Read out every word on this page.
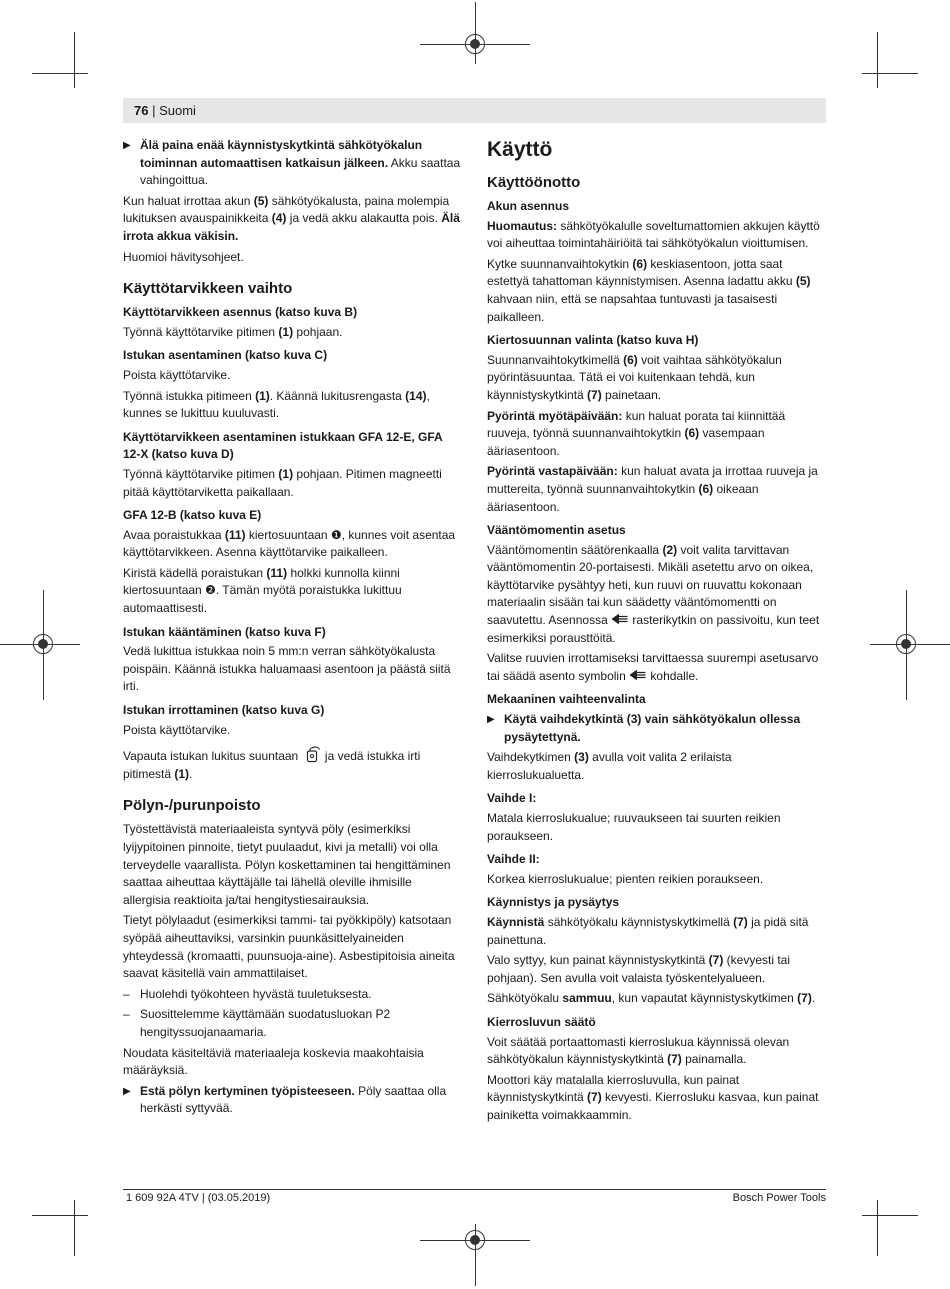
76 | Suomi

▶ Älä paina enää käynnistyskytkintä sähkötyökalun toiminnan automaattisen katkaisun jälkeen. Akku saattaa vahingoittua.

Kun haluat irrottaa akun (5) sähkötyökalusta, paina molempia lukituksen avauspainikkeita (4) ja vedä akku alakautta pois. Älä irrota akkua väkisin.

Huomioi hävitysohjeet.

Käyttötarvikkeen vaihto
Käyttötarvikkeen asennus (katso kuva B)

Työnnä käyttötarvike pitimen (1) pohjaan.

Istukan asentaminen (katso kuva C)

Poista käyttötarvike.

Työnnä istukka pitimeen (1). Käännä lukitusrengasta (14), kunnes se lukittuu kuuluvasti.

Käyttötarvikkeen asentaminen istukkaan GFA 12-E, GFA 12-X (katso kuva D)

Työnnä käyttötarvike pitimen (1) pohjaan. Pitimen magneetti pitää käyttötarviketta paikallaan.

GFA 12-B (katso kuva E)

Avaa poraistukkaa (11) kiertosuuntaan ❶, kunnes voit asentaa käyttötarvikkeen. Asenna käyttötarvike paikalleen.

Kiristä kädellä poraistukan (11) holkki kunnolla kiinni kiertosuuntaan ❷. Tämän myötä poraistukka lukittuu automaattisesti.

Istukan kääntäminen (katso kuva F)

Vedä lukittua istukkaa noin 5 mm:n verran sähkötyökalusta poispäin. Käännä istukka haluamaasi asentoon ja päästä siitä irti.

Istukan irrottaminen (katso kuva G)

Poista käyttötarvike.

Vapauta istukan lukitus suuntaan  ja vedä istukka irti pitimestä (1).

Pölyn-/purunpoisto

Työstettävistä materiaaleista syntyvä pöly (esimerkiksi lyijypitoinen pinnoite, tietyt puulaadut, kivi ja metalli) voi olla terveydelle vaarallista. Pölyn koskettaminen tai hengittäminen saattaa aiheuttaa käyttäjälle tai lähellä oleville ihmisille allergisia reaktioita ja/tai hengitystiesairauksia.

Tietyt pölylaadut (esimerkiksi tammi- tai pyökkipöly) katsotaan syöpää aiheuttaviksi, varsinkin puunkäsittelyaineiden yhteydessä (kromaatti, puunsuoja-aine). Asbestipitoisia aineita saavat käsitellä vain ammattilaiset.

– Huolehdi työkohteen hyvästä tuuletuksesta.

– Suosittelemme käyttämään suodatusluokan P2 hengityssuojanaamaria.

Noudata käsiteltäviä materiaaleja koskevia maakohtaisia määräyksiä.

▶ Estä pölyn kertyminen työpisteeseen. Pöly saattaa olla herkästi syttyvää.

Käyttö
Käyttöönotto
Akun asennus

Huomautus: sähkötyökalulle soveltumattomien akkujen käyttö voi aiheuttaa toimintahäiriöitä tai sähkötyökalun vioittumisen.

Kytke suunnanvaihtokytkin (6) keskiasentoon, jotta saat estettyä tahattoman käynnistymisen. Asenna ladattu akku (5) kahvaan niin, että se napsahtaa tuntuvasti ja tasaisesti paikalleen.

Kiertosuunnan valinta (katso kuva H)

Suunnanvaihtokytkimellä (6) voit vaihtaa sähkötyökalun pyörintäsuuntaa. Tätä ei voi kuitenkaan tehdä, kun käynnistyskytkintä (7) painetaan.

Pyörintä myötäpäivään: kun haluat porata tai kiinnittää ruuveja, työnnä suunnanvaihtokytkin (6) vasempaan ääriasentoon.

Pyörintä vastapäivään: kun haluat avata ja irrottaa ruuveja ja muttereita, työnnä suunnanvaihtokytkin (6) oikeaan ääriasentoon.

Vääntömomentin asetus

Vääntömomentin säätörenkaalla (2) voit valita tarvittavan vääntömomentin 20-portaisesti. Mikäli asetettu arvo on oikea, käyttötarvike pysähtyy heti, kun ruuvi on ruuvattu kokonaan materiaalin sisään tai kun säädetty vääntömomentti on saavutettu. Asennossa  rasterikytkin on passivoitu, kun teet esimerkiksi porausttöitä.

Valitse ruuvien irrottamiseksi tarvittaessa suurempi asetusarvo tai säädä asento symbolin  kohdalle.

Mekaaninen vaihteenvalinta

▶ Käytä vaihdekytkintä (3) vain sähkötyökalun ollessa pysäytettynä.

Vaihdekytkimen (3) avulla voit valita 2 erilaista kierroslukualuetta.

Vaihde I:

Matala kierroslukualue; ruuvaukseen tai suurten reikien poraukseen.

Vaihde II:

Korkea kierroslukualue; pienten reikien poraukseen.

Käynnistys ja pysäytys

Käynnistä sähkötyökalu käynnistyskytkimellä (7) ja pidä sitä painettuna.

Valo syttyy, kun painat käynnistyskytkintä (7) (kevyesti tai pohjaan). Sen avulla voit valaista työskentelyalueen.

Sähkötyökalu sammuu, kun vapautat käynnistyskytkimen (7).

Kierrosluvun säätö

Voit säätää portaattomasti kierroslukua käynnissä olevan sähkötyökalun käynnistyskytkintä (7) painamalla.

Moottori käy matalalla kierrosluvulla, kun painat käynnistyskytkintä (7) kevyesti. Kierrosluku kasvaa, kun painat painiketta voimakkaammin.

1 609 92A 4TV | (03.05.2019)	Bosch Power Tools
